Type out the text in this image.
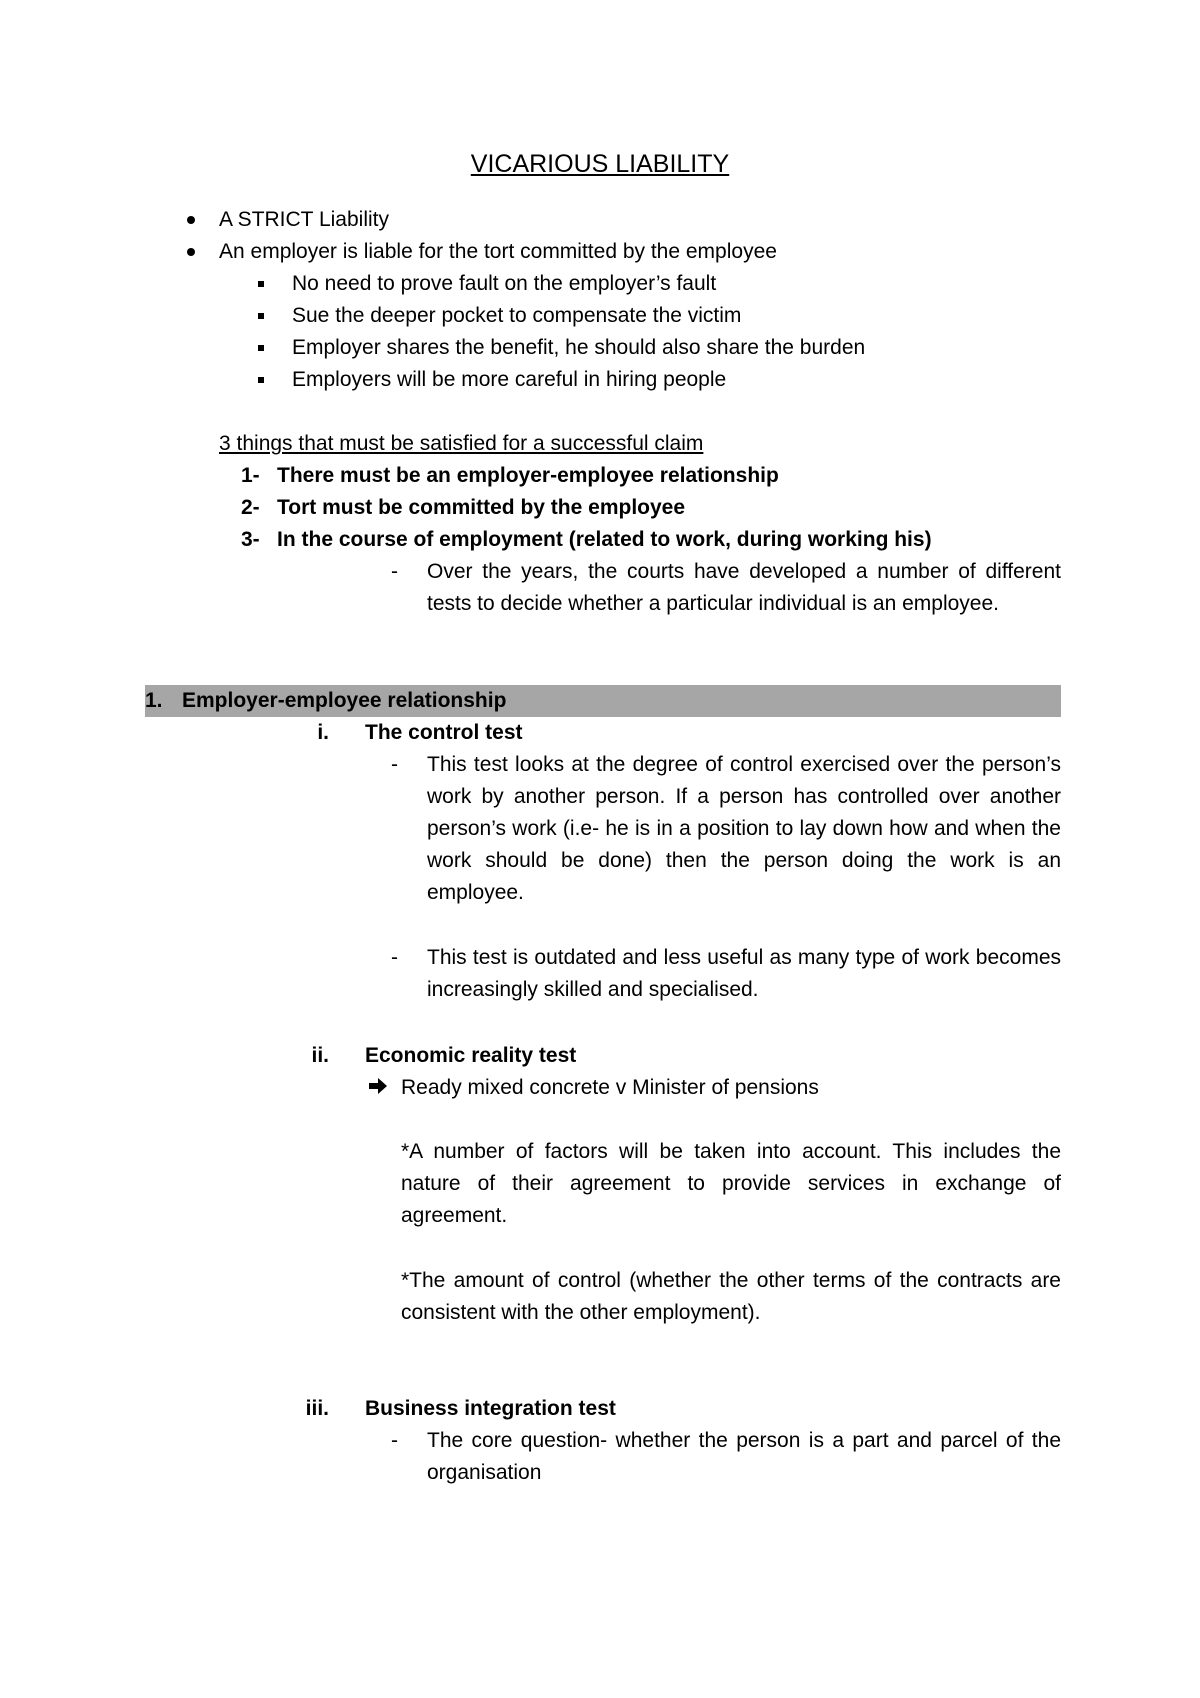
VICARIOUS LIABILITY
A STRICT Liability
An employer is liable for the tort committed by the employee
No need to prove fault on the employer’s fault
Sue the deeper pocket to compensate the victim
Employer shares the benefit, he should also share the burden
Employers will be more careful in hiring people
3 things that must be satisfied for a successful claim
1- There must be an employer-employee relationship
2- Tort must be committed by the employee
3- In the course of employment (related to work, during working his)
- Over the years, the courts have developed a number of different tests to decide whether a particular individual is an employee.
1. Employer-employee relationship
i. The control test
- This test looks at the degree of control exercised over the person’s work by another person. If a person has controlled over another person’s work (i.e- he is in a position to lay down how and when the work should be done) then the person doing the work is an employee.
- This test is outdated and less useful as many type of work becomes increasingly skilled and specialised.
ii. Economic reality test
Ready mixed concrete v Minister of pensions
*A number of factors will be taken into account. This includes the nature of their agreement to provide services in exchange of agreement.
*The amount of control (whether the other terms of the contracts are consistent with the other employment).
iii. Business integration test
- The core question- whether the person is a part and parcel of the organisation
